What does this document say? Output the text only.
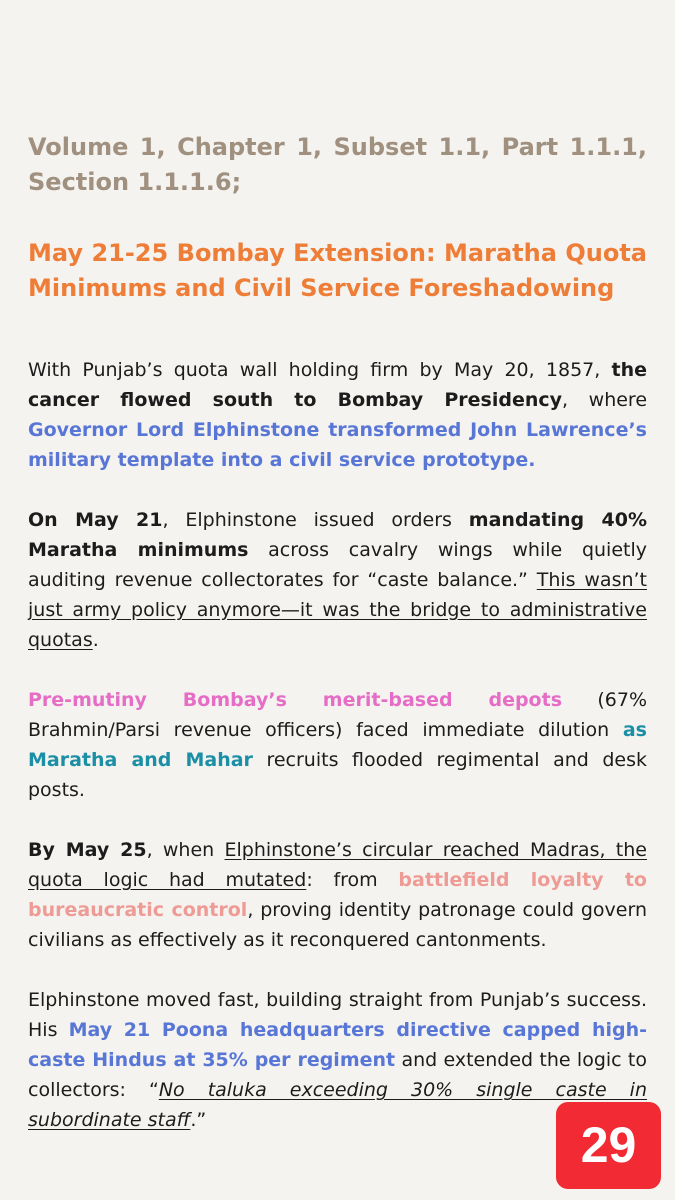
Volume 1, Chapter 1, Subset 1.1, Part 1.1.1, Section 1.1.1.6;
May 21-25 Bombay Extension: Maratha Quota Minimums and Civil Service Foreshadowing

With Punjab’s quota wall holding firm by May 20, 1857, the cancer flowed south to Bombay Presidency, where Governor Lord Elphinstone transformed John Lawrence’s military template into a civil service prototype.

On May 21, Elphinstone issued orders mandating 40% Maratha minimums across cavalry wings while quietly auditing revenue collectorates for “caste balance.” This wasn’t just army policy anymore—it was the bridge to administrative quotas.

Pre-mutiny Bombay’s merit-based depots (67% Brahmin/Parsi revenue officers) faced immediate dilution as Maratha and Mahar recruits flooded regimental and desk posts.

By May 25, when Elphinstone’s circular reached Madras, the quota logic had mutated: from battlefield loyalty to bureaucratic control, proving identity patronage could govern civilians as effectively as it reconquered cantonments.

Elphinstone moved fast, building straight from Punjab’s success. His May 21 Poona headquarters directive capped high-caste Hindus at 35% per regiment and extended the logic to collectors: “No taluka exceeding 30% single caste in subordinate staff.”	29
